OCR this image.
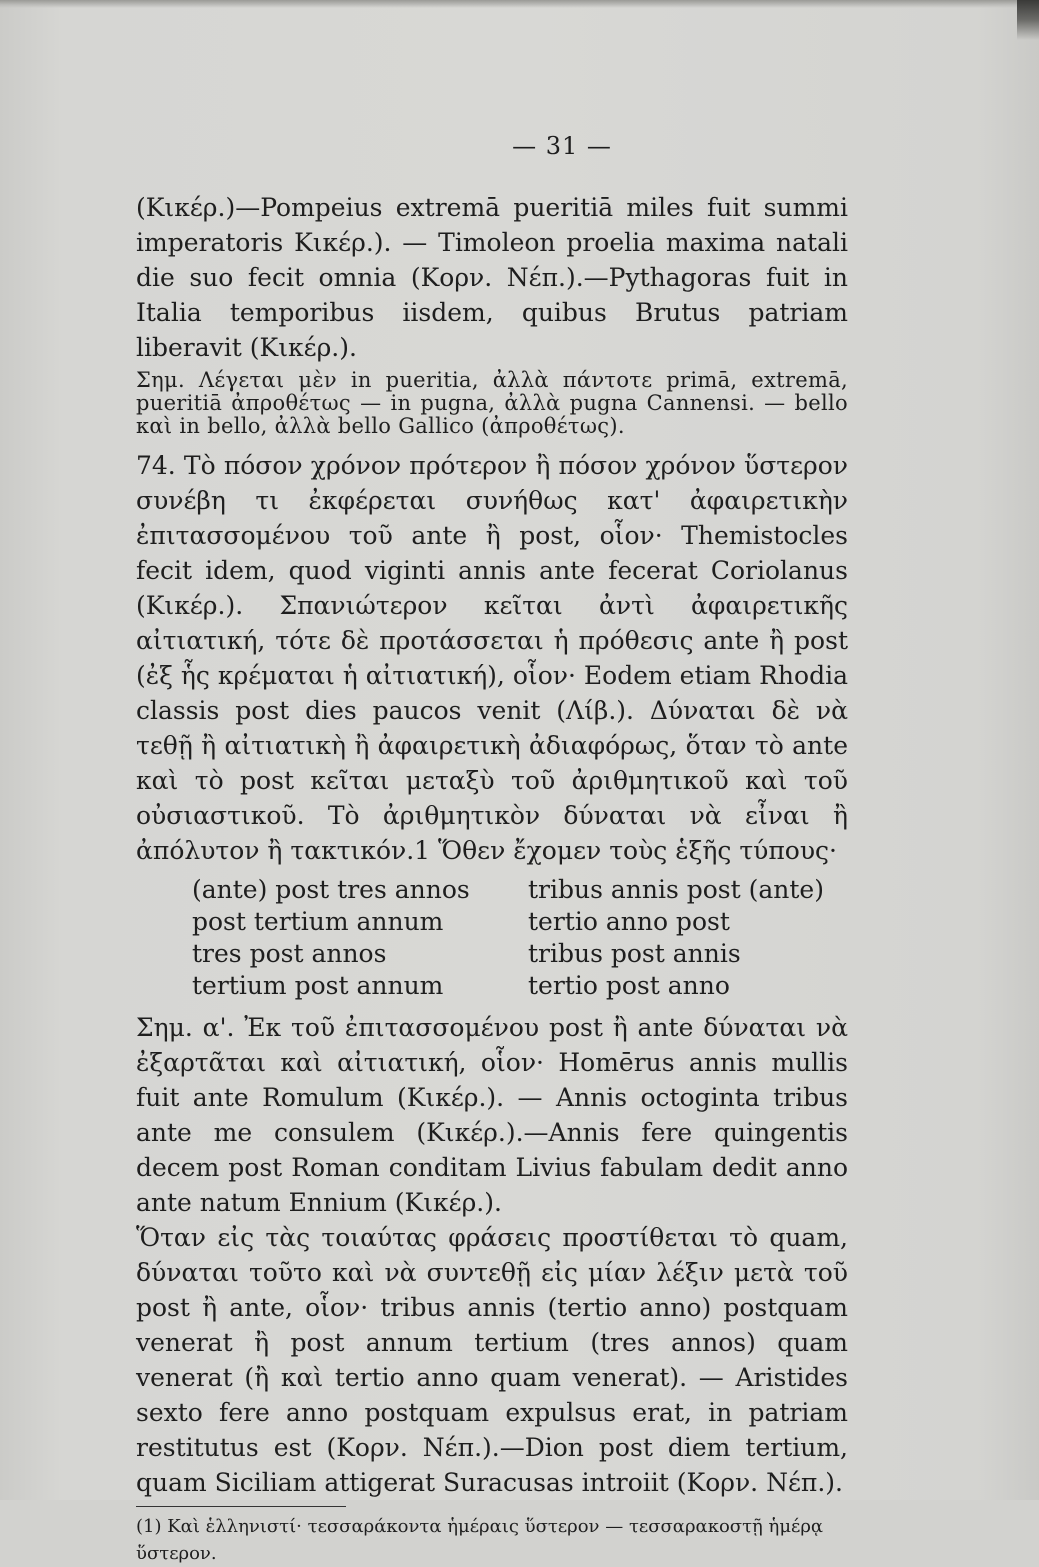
— 31 —

(Κικέρ.)—Pompeius extremā pueritiā miles fuit summi imperatoris Κικέρ.). — Timoleon proelia maxima natali die suo fecit omnia (Κορν. Νέπ.).—Pythagoras fuit in Italia temporibus iisdem, quibus Brutus patriam liberavit (Κικέρ.).

Σημ. Λέγεται μὲν in pueritia, ἀλλὰ πάντοτε primā, extremā, pueritiā ἀπροθέτως — in pugna, ἀλλὰ pugna Cannensi. — bello καὶ in bello, ἀλλὰ bello Gallico (ἀπροθέτως).

74. Τὸ πόσον χρόνον πρότερον ἢ πόσον χρόνον ὕστερον συνέβη τι ἐκφέρεται συνήθως κατ' ἀφαιρετικὴν ἐπιτασσομένου τοῦ ante ἢ post, οἷον· Themistocles fecit idem, quod viginti annis ante fecerat Coriolanus (Κικέρ.). Σπανιώτερον κεῖται ἀντὶ ἀφαιρετικῆς αἰτιατική, τότε δὲ προτάσσεται ἡ πρόθεσις ante ἢ post (ἐξ ἧς κρέμαται ἡ αἰτιατική), οἷον· Eodem etiam Rhodia classis post dies paucos venit (Λίβ.). Δύναται δὲ νὰ τεθῇ ἢ αἰτιατικὴ ἢ ἀφαιρετικὴ ἀδιαφόρως, ὅταν τὸ ante καὶ τὸ post κεῖται μεταξὺ τοῦ ἀριθμητικοῦ καὶ τοῦ οὐσιαστικοῦ. Τὸ ἀριθμητικὸν δύναται νὰ εἶναι ἢ ἀπόλυτον ἢ τακτικόν.1 Ὅθεν ἔχομεν τοὺς ἑξῆς τύπους·

(ante) post tres annos	tribus annis post (ante)
post tertium annum	tertio anno post
tres post annos	tribus post annis
tertium post annum	tertio post anno

Σημ. α'. Ἐκ τοῦ ἐπιτασσομένου post ἢ ante δύναται νὰ ἐξαρτᾶται καὶ αἰτιατική, οἷον· Homērus annis mullis fuit ante Romulum (Κικέρ.). — Annis octoginta tribus ante me consulem (Κικέρ.).—Annis fere quingentis decem post Roman conditam Livius fabulam dedit anno ante natum Ennium (Κικέρ.).

Ὅταν εἰς τὰς τοιαύτας φράσεις προστίθεται τὸ quam, δύναται τοῦτο καὶ νὰ συντεθῇ εἰς μίαν λέξιν μετὰ τοῦ post ἢ ante, οἷον· tribus annis (tertio anno) postquam venerat ἢ post annum tertium (tres annos) quam venerat (ἢ καὶ tertio anno quam venerat). — Aristides sexto fere anno postquam expulsus erat, in patriam restitutus est (Κορν. Νέπ.).—Dion post diem tertium, quam Siciliam attigerat Suracusas introiit (Κορν. Νέπ.).

(1) Καὶ ἑλληνιστί· τεσσαράκοντα ἡμέραις ὕστερον — τεσσαρακοστῇ ἡμέρᾳ ὕστερον.
